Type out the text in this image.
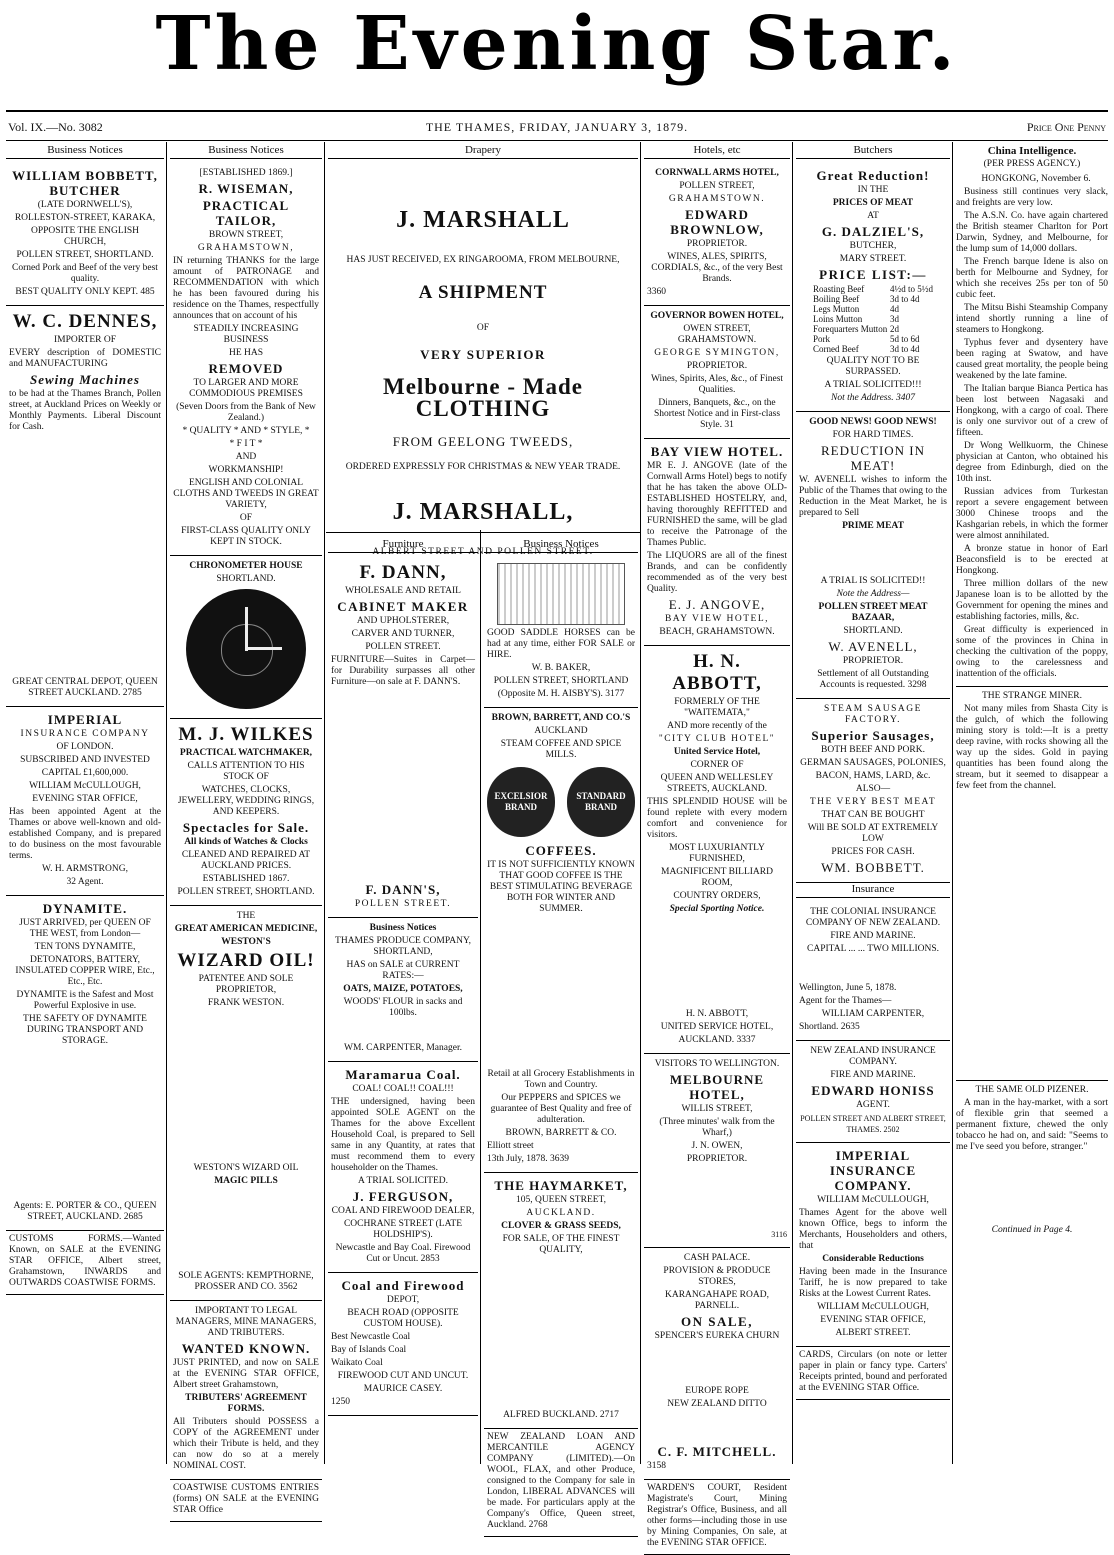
The Evening Star.
Vol. IX.—No. 3082	THE THAMES, FRIDAY, JANUARY 3, 1879.	Price One Penny
Business Notices

WILLIAM BOBBETT, BUTCHER

(LATE DORNWELL'S),

ROLLESTON-STREET, KARAKA,

OPPOSITE THE ENGLISH CHURCH,

POLLEN STREET, SHORTLAND.

Corned Pork and Beef of the very best quality.

BEST QUALITY ONLY KEPT. 485

W. C. DENNES,

IMPORTER OF

EVERY description of DOMESTIC and MANUFACTURING

Sewing Machines

to be had at the Thames Branch, Pollen street, at Auckland Prices on Weekly or Monthly Payments. Liberal Discount for Cash.

GREAT CENTRAL DEPOT, QUEEN STREET AUCKLAND. 2785

IMPERIAL

INSURANCE COMPANY

OF LONDON.

SUBSCRIBED AND INVESTED

CAPITAL £1,600,000.

WILLIAM McCULLOUGH,

EVENING STAR OFFICE,

Has been appointed Agent at the Thames or above well-known and old-established Company, and is prepared to do business on the most favourable terms.

W. H. ARMSTRONG,

32 Agent.

DYNAMITE.

JUST ARRIVED, per QUEEN OF THE WEST, from London—

TEN TONS DYNAMITE,

DETONATORS, BATTERY, INSULATED COPPER WIRE, Etc., Etc., Etc.

DYNAMITE is the Safest and Most Powerful Explosive in use.

THE SAFETY OF DYNAMITE DURING TRANSPORT AND STORAGE.

Agents: E. PORTER & CO., QUEEN STREET, AUCKLAND. 2685

CUSTOMS FORMS.—Wanted Known, on SALE at the EVENING STAR OFFICE, Albert street, Grahamstown, INWARDS and OUTWARDS COASTWISE FORMS.
Business Notices

[ESTABLISHED 1869.]

R. WISEMAN,

PRACTICAL TAILOR,

BROWN STREET,

GRAHAMSTOWN,

IN returning THANKS for the large amount of PATRONAGE and RECOMMENDATION with which he has been favoured during his residence on the Thames, respectfully announces that on account of his

STEADILY INCREASING BUSINESS

HE HAS

REMOVED

TO LARGER AND MORE COMMODIOUS PREMISES

(Seven Doors from the Bank of New Zealand.)

* QUALITY * AND * STYLE, *

* F I T *

AND

WORKMANSHIP!

ENGLISH AND COLONIAL CLOTHS AND TWEEDS IN GREAT VARIETY,

OF

FIRST-CLASS QUALITY ONLY KEPT IN STOCK.

CHRONOMETER HOUSE

SHORTLAND.

M. J. WILKES

PRACTICAL WATCHMAKER,

CALLS ATTENTION TO HIS STOCK OF

WATCHES, CLOCKS, JEWELLERY, WEDDING RINGS, AND KEEPERS.

Spectacles for Sale.

All kinds of Watches & Clocks

CLEANED AND REPAIRED AT AUCKLAND PRICES.

ESTABLISHED 1867.

POLLEN STREET, SHORTLAND.

THE

GREAT AMERICAN MEDICINE,

WESTON'S

WIZARD OIL!

PATENTEE AND SOLE PROPRIETOR,

FRANK WESTON.

WESTON'S WIZARD OIL

MAGIC PILLS

SOLE AGENTS: KEMPTHORNE, PROSSER AND CO. 3562

IMPORTANT TO LEGAL MANAGERS, MINE MANAGERS, AND TRIBUTERS.

WANTED KNOWN.

JUST PRINTED, and now on SALE at the EVENING STAR OFFICE, Albert street Grahamstown,

TRIBUTERS' AGREEMENT FORMS.

All Tributers should POSSESS a COPY of the AGREEMENT under which their Tribute is held, and they can now do so at a merely NOMINAL COST.

COASTWISE CUSTOMS ENTRIES (forms) ON SALE at the EVENING STAR Office
Drapery

J. MARSHALL

HAS JUST RECEIVED, EX RINGAROOMA, FROM MELBOURNE,

A SHIPMENT

OF

VERY SUPERIOR

Melbourne - Made CLOTHING

FROM GEELONG TWEEDS,

ORDERED EXPRESSLY FOR CHRISTMAS & NEW YEAR TRADE.

J. MARSHALL,

ALBERT STREET AND POLLEN STREET.

Furniture

F. DANN,

WHOLESALE AND RETAIL

CABINET MAKER

AND UPHOLSTERER,

CARVER AND TURNER,

POLLEN STREET.

FURNITURE—Suites in Carpet—for Durability surpasses all other Furniture—on sale at F. DANN'S.

F. DANN'S,

POLLEN STREET.

Business Notices

THAMES PRODUCE COMPANY, SHORTLAND,

HAS on SALE at CURRENT RATES:—

OATS, MAIZE, POTATOES,

WOODS' FLOUR in sacks and 100lbs.

WM. CARPENTER, Manager.

Maramarua Coal.

COAL! COAL!! COAL!!!

THE undersigned, having been appointed SOLE AGENT on the Thames for the above Excellent Household Coal, is prepared to Sell same in any Quantity, at rates that must recommend them to every householder on the Thames.

A TRIAL SOLICITED.

J. FERGUSON,

COAL AND FIREWOOD DEALER,

COCHRANE STREET (LATE HOLDSHIP'S).

Newcastle and Bay Coal. Firewood Cut or Uncut. 2853

Coal and Firewood

DEPOT,

BEACH ROAD (OPPOSITE CUSTOM HOUSE).

Best Newcastle Coal

Bay of Islands Coal

Waikato Coal

FIREWOOD CUT AND UNCUT.

MAURICE CASEY.

1250

Business Notices

GOOD SADDLE HORSES can be had at any time, either FOR SALE or HIRE.

W. B. BAKER,

POLLEN STREET, SHORTLAND

(Opposite M. H. AISBY'S). 3177

BROWN, BARRETT, AND CO.'S

AUCKLAND

STEAM COFFEE AND SPICE MILLS.

EXCELSIOR BRAND
STANDARD BRAND

COFFEES.

IT IS NOT SUFFICIENTLY KNOWN THAT GOOD COFFEE IS THE BEST STIMULATING BEVERAGE BOTH FOR WINTER AND SUMMER.

Retail at all Grocery Establishments in Town and Country.

Our PEPPERS and SPICES we guarantee of Best Quality and free of adulteration.

BROWN, BARRETT & CO.

Elliott street

13th July, 1878. 3639

THE HAYMARKET,

105, QUEEN STREET,

AUCKLAND.

CLOVER & GRASS SEEDS,

FOR SALE, OF THE FINEST QUALITY,

ALFRED BUCKLAND. 2717

NEW ZEALAND LOAN AND MERCANTILE AGENCY COMPANY (LIMITED).—On WOOL, FLAX, and other Produce, consigned to the Company for sale in London, LIBERAL ADVANCES will be made. For particulars apply at the Company's Office, Queen street, Auckland. 2768
Hotels, etc

CORNWALL ARMS HOTEL,

POLLEN STREET,

GRAHAMSTOWN.

EDWARD BROWNLOW,

PROPRIETOR.

WINES, ALES, SPIRITS, CORDIALS, &c., of the very Best Brands.

3360

GOVERNOR BOWEN HOTEL,

OWEN STREET, GRAHAMSTOWN.

GEORGE SYMINGTON,

PROPRIETOR.

Wines, Spirits, Ales, &c., of Finest Qualities.

Dinners, Banquets, &c., on the Shortest Notice and in First-class Style. 31

BAY VIEW HOTEL.

MR E. J. ANGOVE (late of the Cornwall Arms Hotel) begs to notify that he has taken the above OLD-ESTABLISHED HOSTELRY, and, having thoroughly REFITTED and FURNISHED the same, will be glad to receive the Patronage of the Thames Public.

The LIQUORS are all of the finest Brands, and can be confidently recommended as of the very best Quality.

E. J. ANGOVE,

BAY VIEW HOTEL,

BEACH, GRAHAMSTOWN.

H. N. ABBOTT,

FORMERLY OF THE "WAITEMATA,"

AND more recently of the

"CITY CLUB HOTEL"

United Service Hotel,

CORNER OF

QUEEN AND WELLESLEY STREETS, AUCKLAND.

THIS SPLENDID HOUSE will be found replete with every modern comfort and convenience for visitors.

MOST LUXURIANTLY FURNISHED,

MAGNIFICENT BILLIARD ROOM,

COUNTRY ORDERS,

Special Sporting Notice.

H. N. ABBOTT,

UNITED SERVICE HOTEL,

AUCKLAND. 3337

VISITORS TO WELLINGTON.

MELBOURNE HOTEL,

WILLIS STREET,

(Three minutes' walk from the Wharf,)

J. N. OWEN,

PROPRIETOR.

3116

CASH PALACE.

PROVISION & PRODUCE STORES,

KARANGAHAPE ROAD, PARNELL.

ON SALE,

SPENCER'S EUREKA CHURN

EUROPE ROPE

NEW ZEALAND DITTO

C. F. MITCHELL.

3158

WARDEN'S COURT, Resident Magistrate's Court, Mining Registrar's Office, Business, and all other forms—including those in use by Mining Companies, On sale, at the EVENING STAR OFFICE.
Butchers

Great Reduction!

IN THE

PRICES OF MEAT

AT

G. DALZIEL'S,

BUTCHER,

MARY STREET.

PRICE LIST:—

Roasting Beef	4½d to 5½d
Boiling Beef	3d to 4d
Legs Mutton	4d
Loins Mutton	3d
Forequarters Mutton 2d
Pork	5d to 6d
Corned Beef	3d to 4d

QUALITY NOT TO BE SURPASSED.

A TRIAL SOLICITED!!!

Not the Address. 3407

GOOD NEWS! GOOD NEWS!

FOR HARD TIMES.

REDUCTION IN MEAT!

W. AVENELL wishes to inform the Public of the Thames that owing to the Reduction in the Meat Market, he is prepared to Sell

PRIME MEAT

A TRIAL IS SOLICITED!!

Note the Address—

POLLEN STREET MEAT BAZAAR,

SHORTLAND.

W. AVENELL,

PROPRIETOR.

Settlement of all Outstanding Accounts is requested. 3298

STEAM SAUSAGE FACTORY.

Superior Sausages,

BOTH BEEF AND PORK.

GERMAN SAUSAGES, POLONIES,

BACON, HAMS, LARD, &c.

ALSO—

THE VERY BEST MEAT

THAT CAN BE BOUGHT

Will BE SOLD AT EXTREMELY LOW

PRICES FOR CASH.

WM. BOBBETT.

Insurance

THE COLONIAL INSURANCE COMPANY OF NEW ZEALAND.

FIRE AND MARINE.

CAPITAL ... ... TWO MILLIONS.

Wellington, June 5, 1878.

Agent for the Thames—

WILLIAM CARPENTER,

Shortland. 2635

NEW ZEALAND INSURANCE COMPANY.

FIRE AND MARINE.

EDWARD HONISS

AGENT.

POLLEN STREET AND ALBERT STREET, THAMES. 2502

IMPERIAL INSURANCE COMPANY.

WILLIAM McCULLOUGH,

Thames Agent for the above well known Office, begs to inform the Merchants, Householders and others, that

Considerable Reductions

Having been made in the Insurance Tariff, he is now prepared to take Risks at the Lowest Current Rates.

WILLIAM McCULLOUGH,

EVENING STAR OFFICE,

ALBERT STREET.

CARDS, Circulars (on note or letter paper in plain or fancy type. Carters' Receipts printed, bound and perforated at the EVENING STAR Office.

China Intelligence.

(PER PRESS AGENCY.)

HONGKONG, November 6.

Business still continues very slack, and freights are very low.

The A.S.N. Co. have again chartered the British steamer Charlton for Port Darwin, Sydney, and Melbourne, for the lump sum of 14,000 dollars.

The French barque Idene is also on berth for Melbourne and Sydney, for which she receives 25s per ton of 50 cubic feet.

The Mitsu Bishi Steamship Company intend shortly running a line of steamers to Hongkong.

Typhus fever and dysentery have been raging at Swatow, and have caused great mortality, the people being weakened by the late famine.

The Italian barque Bianca Pertica has been lost between Nagasaki and Hongkong, with a cargo of coal. There is only one survivor out of a crew of fifteen.

Dr Wong Wellkuorm, the Chinese physician at Canton, who obtained his degree from Edinburgh, died on the 10th inst.

Russian advices from Turkestan report a severe engagement between 3000 Chinese troops and the Kashgarian rebels, in which the former were almost annihilated.

A bronze statue in honor of Earl Beaconsfield is to be erected at Hongkong.

Three million dollars of the new Japanese loan is to be allotted by the Government for opening the mines and establishing factories, mills, &c.

Great difficulty is experienced in some of the provinces in China in checking the cultivation of the poppy, owing to the carelessness and inattention of the officials.

THE STRANGE MINER.

Not many miles from Shasta City is the gulch, of which the following mining story is told:—It is a pretty deep ravine, with rocks showing all the way up the sides. Gold in paying quantities has been found along the stream, but it seemed to disappear a few feet from the channel.

THE SAME OLD PIZENER.

A man in the hay-market, with a sort of flexible grin that seemed a permanent fixture, chewed the only tobacco he had on, and said: "Seems to me I've seed you before, stranger."

Continued in Page 4.
